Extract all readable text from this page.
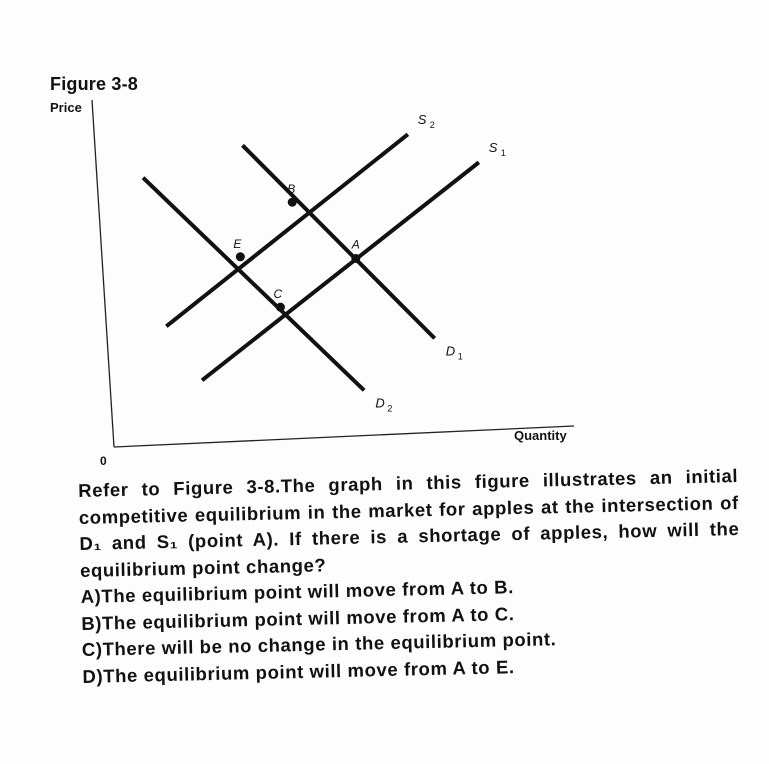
Figure 3-8
Price
Quantity
0
S 1
S 2
D 1
D 2
A
B
C
E

Refer to Figure 3-8.The graph in this figure illustrates an initial competitive equilibrium in the market for apples at the intersection of D₁ and S₁ (point A). If there is a shortage of apples, how will the equilibrium point change?

A)The equilibrium point will move from A to B.

B)The equilibrium point will move from A to C.

C)There will be no change in the equilibrium point.

D)The equilibrium point will move from A to E.
